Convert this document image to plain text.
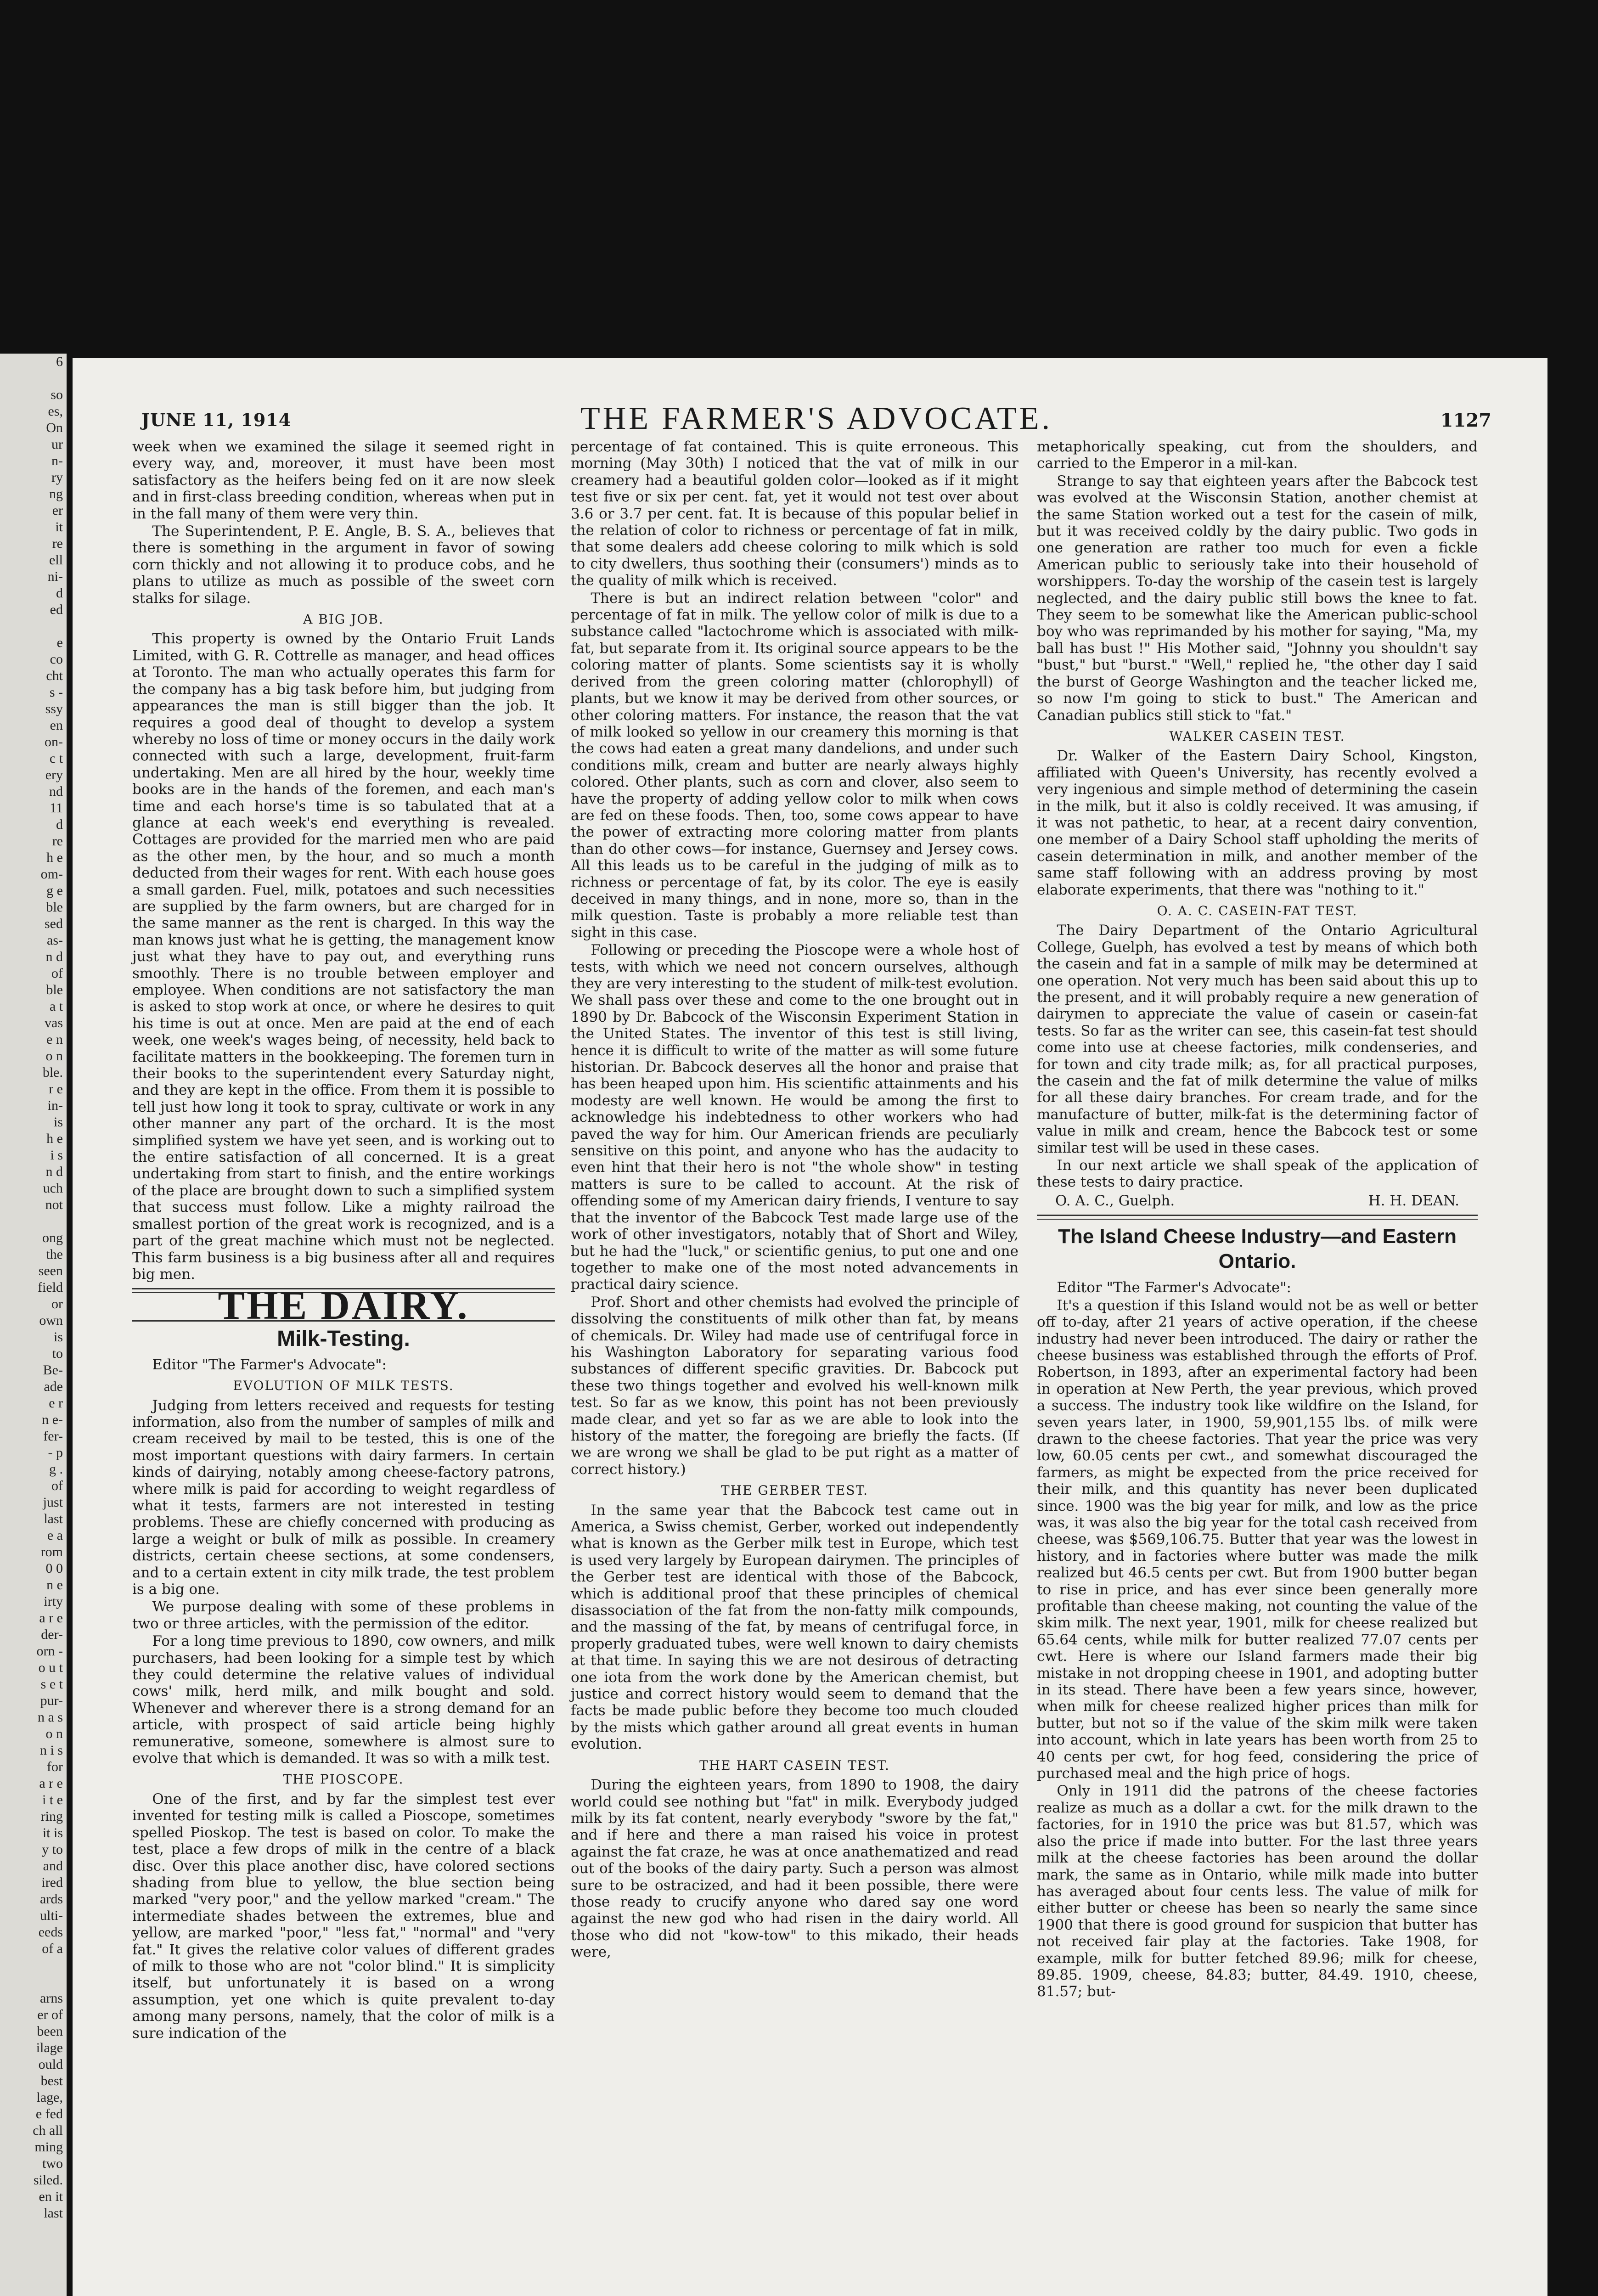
6

so
es,
On
ur
n-
ry
ng
er
it
re
ell
ni-
d
ed

e
co
cht
s -
ssy
en
on-
c t
ery
nd
11
d
re
h e
om-
g e
ble
sed
as-
n d
of
ble
a t
vas
e n
o n
ble.
r e
in-
is
h e
i s
n d
uch
not

ong
the
seen
field
or
own
is
to
Be-
ade
e r
n e-
fer-
- p
g .
of
just
last
e a
rom
0 0
n e
irty
a r e
der-
orn -
o u t
s e t
pur-
n a s
o n
n i s
for
a r e
i t e
ring
it is
y to
and
ired
ards
ulti-
eeds
of a

arns
er of
been
ilage
ould
best
lage,
e fed
ch all
ming
two
siled.
en it
last
JUNE 11, 1914	THE FARMER'S ADVOCATE.	1127

week when we examined the silage it seemed right in every way, and, moreover, it must have been most satisfactory as the heifers being fed on it are now sleek and in first-class breeding condition, whereas when put in in the fall many of them were very thin.

The Superintendent, P. E. Angle, B. S. A., believes that there is something in the argument in favor of sowing corn thickly and not allowing it to produce cobs, and he plans to utilize as much as possible of the sweet corn stalks for silage.

A BIG JOB.

This property is owned by the Ontario Fruit Lands Limited, with G. R. Cottrelle as manager, and head offices at Toronto. The man who actually operates this farm for the company has a big task before him, but judging from appearances the man is still bigger than the job. It requires a good deal of thought to develop a system whereby no loss of time or money occurs in the daily work connected with such a large, development, fruit-farm undertaking. Men are all hired by the hour, weekly time books are in the hands of the foremen, and each man's time and each horse's time is so tabulated that at a glance at each week's end everything is revealed. Cottages are provided for the married men who are paid as the other men, by the hour, and so much a month deducted from their wages for rent. With each house goes a small garden. Fuel, milk, potatoes and such necessities are supplied by the farm owners, but are charged for in the same manner as the rent is charged. In this way the man knows just what he is getting, the management know just what they have to pay out, and everything runs smoothly. There is no trouble between employer and employee. When conditions are not satisfactory the man is asked to stop work at once, or where he desires to quit his time is out at once. Men are paid at the end of each week, one week's wages being, of necessity, held back to facilitate matters in the bookkeeping. The foremen turn in their books to the superintendent every Saturday night, and they are kept in the office. From them it is possible to tell just how long it took to spray, cultivate or work in any other manner any part of the orchard. It is the most simplified system we have yet seen, and is working out to the entire satisfaction of all concerned. It is a great undertaking from start to finish, and the entire workings of the place are brought down to such a simplified system that success must follow. Like a mighty railroad the smallest portion of the great work is recognized, and is a part of the great machine which must not be neglected. This farm business is a big business after all and requires big men.

THE DAIRY.
Milk-Testing.
Editor "The Farmer's Advocate":
EVOLUTION OF MILK TESTS.

Judging from letters received and requests for testing information, also from the number of samples of milk and cream received by mail to be tested, this is one of the most important questions with dairy farmers. In certain kinds of dairying, notably among cheese-factory patrons, where milk is paid for according to weight regardless of what it tests, farmers are not interested in testing problems. These are chiefly concerned with producing as large a weight or bulk of milk as possible. In creamery districts, certain cheese sections, at some condensers, and to a certain extent in city milk trade, the test problem is a big one.

We purpose dealing with some of these problems in two or three articles, with the permission of the editor.

For a long time previous to 1890, cow owners, and milk purchasers, had been looking for a simple test by which they could determine the relative values of individual cows' milk, herd milk, and milk bought and sold. Whenever and wherever there is a strong demand for an article, with prospect of said article being highly remunerative, someone, somewhere is almost sure to evolve that which is demanded. It was so with a milk test.

THE PIOSCOPE.

One of the first, and by far the simplest test ever invented for testing milk is called a Pioscope, sometimes spelled Pioskop. The test is based on color. To make the test, place a few drops of milk in the centre of a black disc. Over this place another disc, have colored sections shading from blue to yellow, the blue section being marked "very poor," and the yellow marked "cream." The intermediate shades between the extremes, blue and yellow, are marked "poor," "less fat," "normal" and "very fat." It gives the relative color values of different grades of milk to those who are not "color blind." It is simplicity itself, but unfortunately it is based on a wrong assumption, yet one which is quite prevalent to-day among many persons, namely, that the color of milk is a sure indication of the

percentage of fat contained. This is quite erroneous. This morning (May 30th) I noticed that the vat of milk in our creamery had a beautiful golden color—looked as if it might test five or six per cent. fat, yet it would not test over about 3.6 or 3.7 per cent. fat. It is because of this popular belief in the relation of color to richness or percentage of fat in milk, that some dealers add cheese coloring to milk which is sold to city dwellers, thus soothing their (consumers') minds as to the quality of milk which is received.

There is but an indirect relation between "color" and percentage of fat in milk. The yellow color of milk is due to a substance called "lactochrome which is associated with milk-fat, but separate from it. Its original source appears to be the coloring matter of plants. Some scientists say it is wholly derived from the green coloring matter (chlorophyll) of plants, but we know it may be derived from other sources, or other coloring matters. For instance, the reason that the vat of milk looked so yellow in our creamery this morning is that the cows had eaten a great many dandelions, and under such conditions milk, cream and butter are nearly always highly colored. Other plants, such as corn and clover, also seem to have the property of adding yellow color to milk when cows are fed on these foods. Then, too, some cows appear to have the power of extracting more coloring matter from plants than do other cows—for instance, Guernsey and Jersey cows. All this leads us to be careful in the judging of milk as to richness or percentage of fat, by its color. The eye is easily deceived in many things, and in none, more so, than in the milk question. Taste is probably a more reliable test than sight in this case.

Following or preceding the Pioscope were a whole host of tests, with which we need not concern ourselves, although they are very interesting to the student of milk-test evolution. We shall pass over these and come to the one brought out in 1890 by Dr. Babcock of the Wisconsin Experiment Station in the United States. The inventor of this test is still living, hence it is difficult to write of the matter as will some future historian. Dr. Babcock deserves all the honor and praise that has been heaped upon him. His scientific attainments and his modesty are well known. He would be among the first to acknowledge his indebtedness to other workers who had paved the way for him. Our American friends are peculiarly sensitive on this point, and anyone who has the audacity to even hint that their hero is not "the whole show" in testing matters is sure to be called to account. At the risk of offending some of my American dairy friends, I venture to say that the inventor of the Babcock Test made large use of the work of other investigators, notably that of Short and Wiley, but he had the "luck," or scientific genius, to put one and one together to make one of the most noted advancements in practical dairy science.

Prof. Short and other chemists had evolved the principle of dissolving the constituents of milk other than fat, by means of chemicals. Dr. Wiley had made use of centrifugal force in his Washington Laboratory for separating various food substances of different specific gravities. Dr. Babcock put these two things together and evolved his well-known milk test. So far as we know, this point has not been previously made clear, and yet so far as we are able to look into the history of the matter, the foregoing are briefly the facts. (If we are wrong we shall be glad to be put right as a matter of correct history.)

THE GERBER TEST.

In the same year that the Babcock test came out in America, a Swiss chemist, Gerber, worked out independently what is known as the Gerber milk test in Europe, which test is used very largely by European dairymen. The principles of the Gerber test are identical with those of the Babcock, which is additional proof that these principles of chemical disassociation of the fat from the non-fatty milk compounds, and the massing of the fat, by means of centrifugal force, in properly graduated tubes, were well known to dairy chemists at that time. In saying this we are not desirous of detracting one iota from the work done by the American chemist, but justice and correct history would seem to demand that the facts be made public before they become too much clouded by the mists which gather around all great events in human evolution.

THE HART CASEIN TEST.

During the eighteen years, from 1890 to 1908, the dairy world could see nothing but "fat" in milk. Everybody judged milk by its fat content, nearly everybody "swore by the fat," and if here and there a man raised his voice in protest against the fat craze, he was at once anathematized and read out of the books of the dairy party. Such a person was almost sure to be ostracized, and had it been possible, there were those ready to crucify anyone who dared say one word against the new god who had risen in the dairy world. All those who did not "kow-tow" to this mikado, their heads were,

metaphorically speaking, cut from the shoulders, and carried to the Emperor in a mil-kan.

Strange to say that eighteen years after the Babcock test was evolved at the Wisconsin Station, another chemist at the same Station worked out a test for the casein of milk, but it was received coldly by the dairy public. Two gods in one generation are rather too much for even a fickle American public to seriously take into their household of worshippers. To-day the worship of the casein test is largely neglected, and the dairy public still bows the knee to fat. They seem to be somewhat like the American public-school boy who was reprimanded by his mother for saying, "Ma, my ball has bust !" His Mother said, "Johnny you shouldn't say "bust," but "burst." "Well," replied he, "the other day I said the burst of George Washington and the teacher licked me, so now I'm going to stick to bust." The American and Canadian publics still stick to "fat."

WALKER CASEIN TEST.

Dr. Walker of the Eastern Dairy School, Kingston, affiliated with Queen's University, has recently evolved a very ingenious and simple method of determining the casein in the milk, but it also is coldly received. It was amusing, if it was not pathetic, to hear, at a recent dairy convention, one member of a Dairy School staff upholding the merits of casein determination in milk, and another member of the same staff following with an address proving by most elaborate experiments, that there was "nothing to it."

O. A. C. CASEIN-FAT TEST.

The Dairy Department of the Ontario Agricultural College, Guelph, has evolved a test by means of which both the casein and fat in a sample of milk may be determined at one operation. Not very much has been said about this up to the present, and it will probably require a new generation of dairymen to appreciate the value of casein or casein-fat tests. So far as the writer can see, this casein-fat test should come into use at cheese factories, milk condenseries, and for town and city trade milk; as, for all practical purposes, the casein and the fat of milk determine the value of milks for all these dairy branches. For cream trade, and for the manufacture of butter, milk-fat is the determining factor of value in milk and cream, hence the Babcock test or some similar test will be used in these cases.

In our next article we shall speak of the application of these tests to dairy practice.

O. A. C., Guelph.	H. H. DEAN.
The Island Cheese Industry—and Eastern Ontario.
Editor "The Farmer's Advocate":

It's a question if this Island would not be as well or better off to-day, after 21 years of active operation, if the cheese industry had never been introduced. The dairy or rather the cheese business was established through the efforts of Prof. Robertson, in 1893, after an experimental factory had been in operation at New Perth, the year previous, which proved a success. The industry took like wildfire on the Island, for seven years later, in 1900, 59,901,155 lbs. of milk were drawn to the cheese factories. That year the price was very low, 60.05 cents per cwt., and somewhat discouraged the farmers, as might be expected from the price received for their milk, and this quantity has never been duplicated since. 1900 was the big year for milk, and low as the price was, it was also the big year for the total cash received from cheese, was $569,106.75. Butter that year was the lowest in history, and in factories where butter was made the milk realized but 46.5 cents per cwt. But from 1900 butter began to rise in price, and has ever since been generally more profitable than cheese making, not counting the value of the skim milk. The next year, 1901, milk for cheese realized but 65.64 cents, while milk for butter realized 77.07 cents per cwt. Here is where our Island farmers made their big mistake in not dropping cheese in 1901, and adopting butter in its stead. There have been a few years since, however, when milk for cheese realized higher prices than milk for butter, but not so if the value of the skim milk were taken into account, which in late years has been worth from 25 to 40 cents per cwt, for hog feed, considering the price of purchased meal and the high price of hogs.

Only in 1911 did the patrons of the cheese factories realize as much as a dollar a cwt. for the milk drawn to the factories, for in 1910 the price was but 81.57, which was also the price if made into butter. For the last three years milk at the cheese factories has been around the dollar mark, the same as in Ontario, while milk made into butter has averaged about four cents less. The value of milk for either butter or cheese has been so nearly the same since 1900 that there is good ground for suspicion that butter has not received fair play at the factories. Take 1908, for example, milk for butter fetched 89.96; milk for cheese, 89.85. 1909, cheese, 84.83; butter, 84.49. 1910, cheese, 81.57; but-
